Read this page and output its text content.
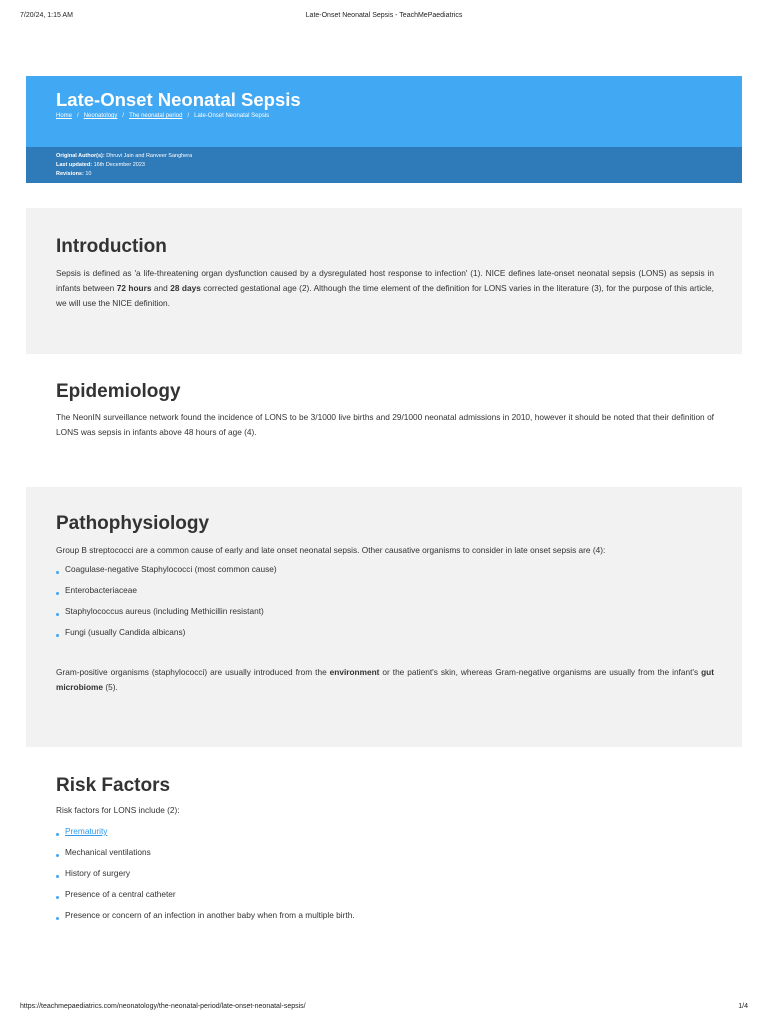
7/20/24, 1:15 AM	Late-Onset Neonatal Sepsis - TeachMePaediatrics
Late-Onset Neonatal Sepsis
Home / Neonatology / The neonatal period / Late-Onset Neonatal Sepsis
Original Author(s): Dhruvi Jain and Ranveer Sanghera
Last updated: 16th December 2023
Revisions: 10
Introduction

Sepsis is defined as 'a life-threatening organ dysfunction caused by a dysregulated host response to infection' (1). NICE defines late-onset neonatal sepsis (LONS) as sepsis in infants between 72 hours and 28 days corrected gestational age (2). Although the time element of the definition for LONS varies in the literature (3), for the purpose of this article, we will use the NICE definition.

Epidemiology

The NeonIN surveillance network found the incidence of LONS to be 3/1000 live births and 29/1000 neonatal admissions in 2010, however it should be noted that their definition of LONS was sepsis in infants above 48 hours of age (4).

Pathophysiology

Group B streptococci are a common cause of early and late onset neonatal sepsis. Other causative organisms to consider in late onset sepsis are (4):

Coagulase-negative Staphylococci (most common cause)
Enterobacteriaceae
Staphylococcus aureus (including Methicillin resistant)
Fungi (usually Candida albicans)

Gram-positive organisms (staphylococci) are usually introduced from the environment or the patient's skin, whereas Gram-negative organisms are usually from the infant's gut microbiome (5).

Risk Factors

Risk factors for LONS include (2):

Prematurity
Mechanical ventilations
History of surgery
Presence of a central catheter
Presence or concern of an infection in another baby when from a multiple birth.
https://teachmepaediatrics.com/neonatology/the-neonatal-period/late-onset-neonatal-sepsis/	1/4
